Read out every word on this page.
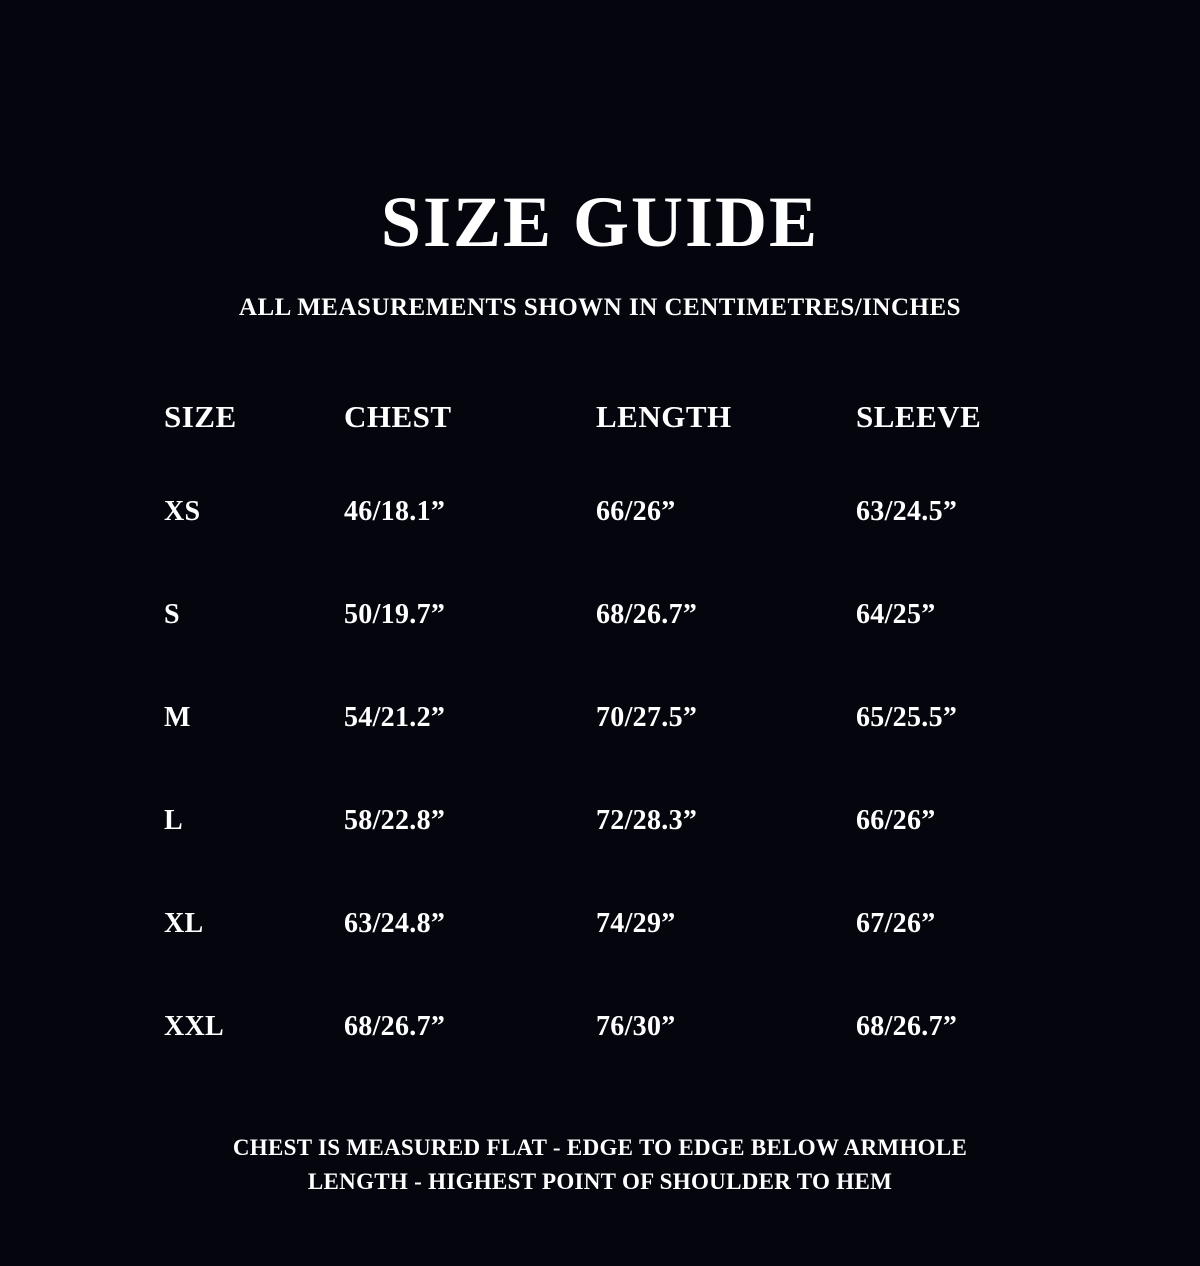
SIZE GUIDE

ALL MEASUREMENTS SHOWN IN CENTIMETRES/INCHES

SIZE	CHEST	LENGTH	SLEEVE
XS	46/18.1”	66/26”	63/24.5”
S	50/19.7”	68/26.7”	64/25”
M	54/21.2”	70/27.5”	65/25.5”
L	58/22.8”	72/28.3”	66/26”
XL	63/24.8”	74/29”	67/26”
XXL	68/26.7”	76/30”	68/26.7”
CHEST IS MEASURED FLAT - EDGE TO EDGE BELOW ARMHOLE
LENGTH - HIGHEST POINT OF SHOULDER TO HEM
